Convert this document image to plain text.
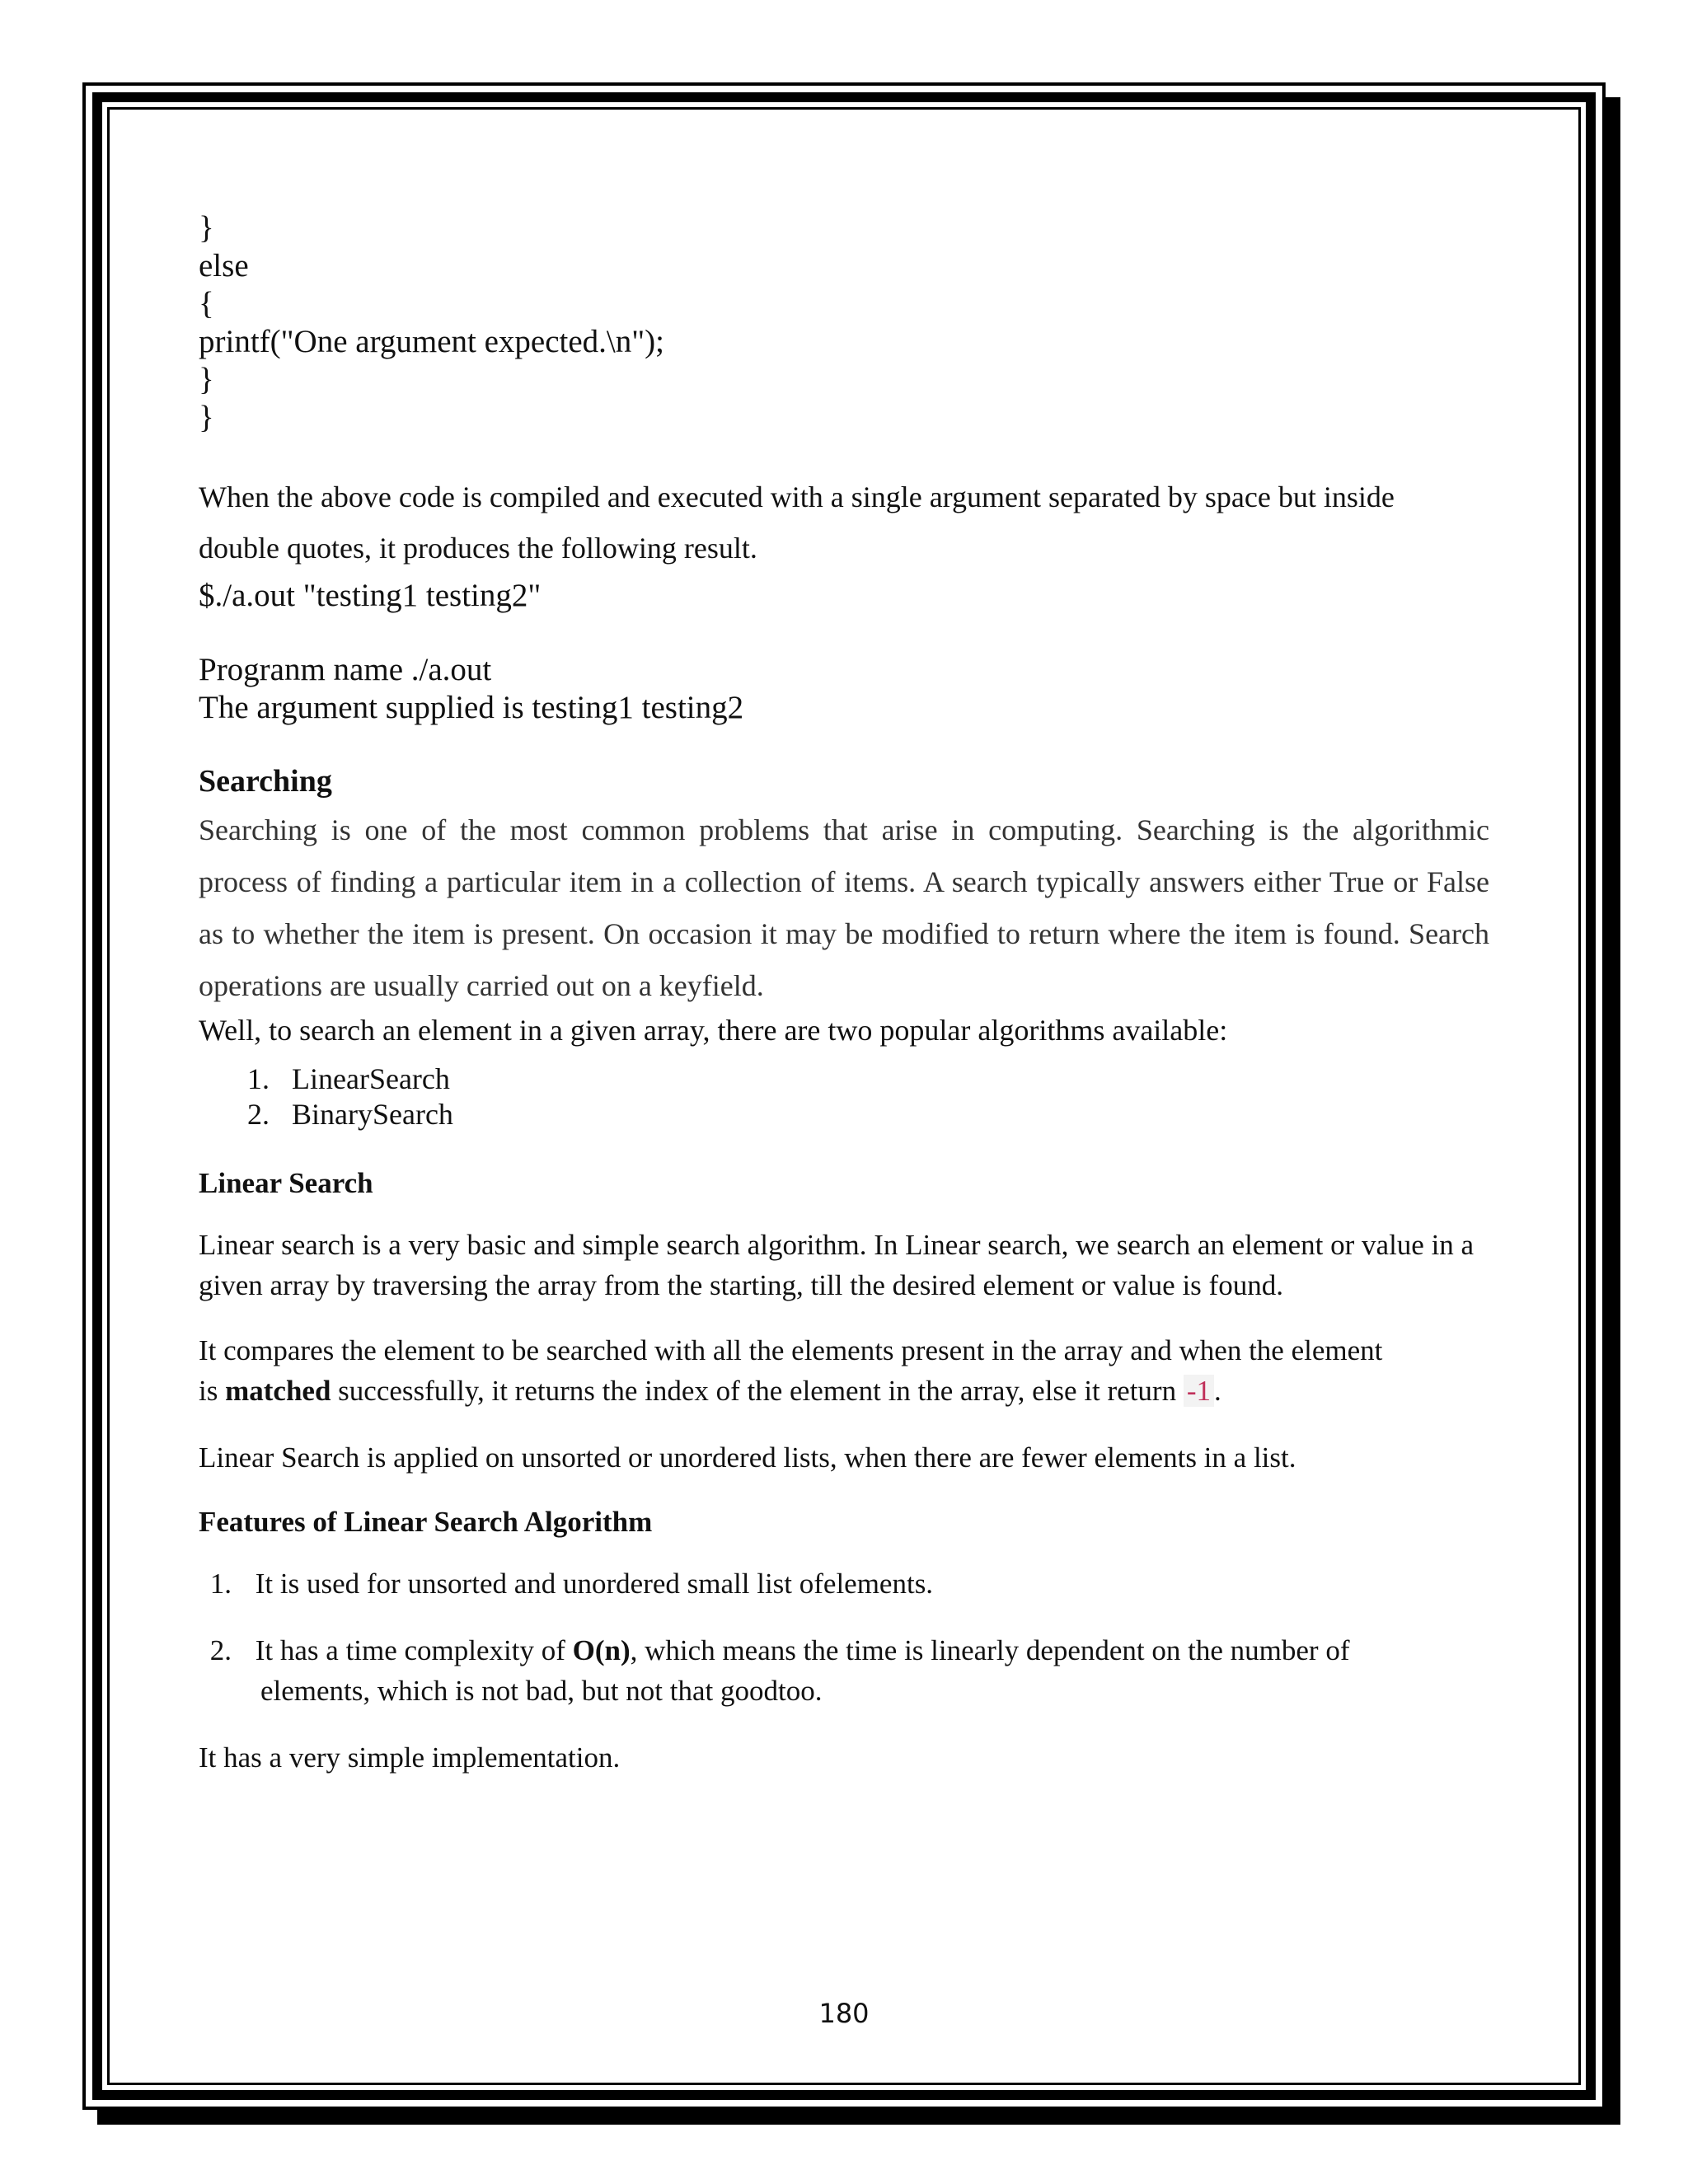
}

else

{

printf("One argument expected.\n");

}

}

When the above code is compiled and executed with a single argument separated by space but inside

double quotes, it produces the following result.

$./a.out "testing1 testing2"

Progranm name ./a.out

The argument supplied is testing1 testing2

Searching

Searching is one of the most common problems that arise in computing. Searching is the algorithmic process of finding a particular item in a collection of items. A search typically answers either True or False as to whether the item is present. On occasion it may be modified to return where the item is found. Search operations are usually carried out on a keyfield.

Well, to search an element in a given array, there are two popular algorithms available:

1. LinearSearch
2. BinarySearch
Linear Search

Linear search is a very basic and simple search algorithm. In Linear search, we search an element or value in a given array by traversing the array from the starting, till the desired element or value is found.

It compares the element to be searched with all the elements present in the array and when the element
is matched successfully, it returns the index of the element in the array, else it return -1 .

Linear Search is applied on unsorted or unordered lists, when there are fewer elements in a list.

Features of Linear Search Algorithm
1. It is used for unsorted and unordered small list ofelements.
2. It has a time complexity of O(n), which means the time is linearly dependent on the number of
elements, which is not bad, but not that goodtoo.

It has a very simple implementation.

180
